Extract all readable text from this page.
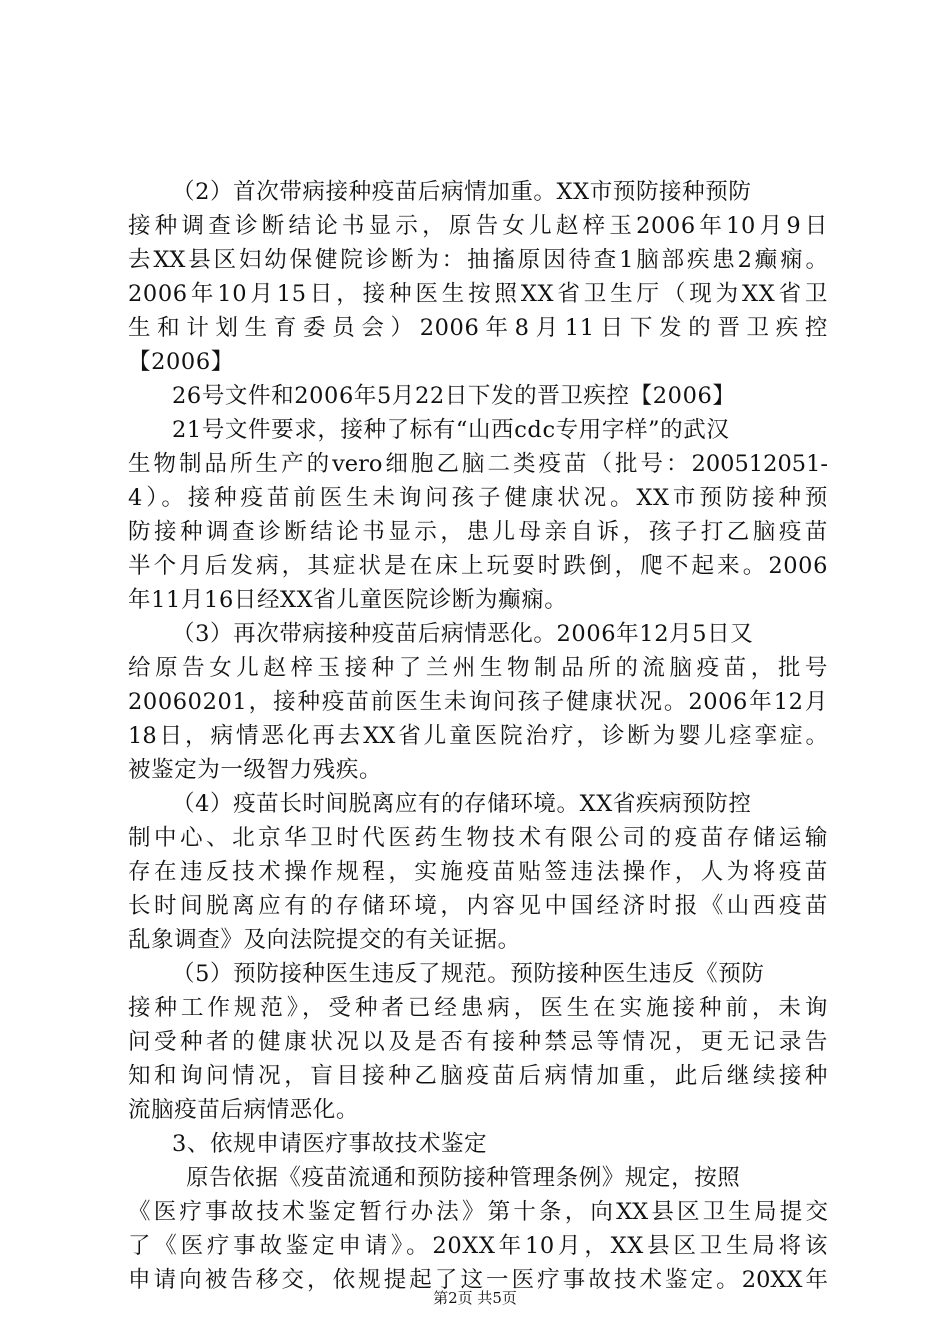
（2）首次带病接种疫苗后病情加重。XX市预防接种预防
接种调查诊断结论书显示，原告女儿赵梓玉2006年10月9日
去XX县区妇幼保健院诊断为：抽搐原因待查1脑部疾患2癫痫。
2006年10月15日，接种医生按照XX省卫生厅（现为XX省卫
生和计划生育委员会）2006年8月11日下发的晋卫疾控
【2006】
26号文件和2006年5月22日下发的晋卫疾控【2006】
21号文件要求，接种了标有“山西cdc专用字样”的武汉
生物制品所生产的vero细胞乙脑二类疫苗（批号：200512051-
4）。接种疫苗前医生未询问孩子健康状况。XX市预防接种预
防接种调查诊断结论书显示，患儿母亲自诉，孩子打乙脑疫苗
半个月后发病，其症状是在床上玩耍时跌倒，爬不起来。2006
年11月16日经XX省儿童医院诊断为癫痫。
（3）再次带病接种疫苗后病情恶化。2006年12月5日又
给原告女儿赵梓玉接种了兰州生物制品所的流脑疫苗，批号
20060201，接种疫苗前医生未询问孩子健康状况。2006年12月
18日，病情恶化再去XX省儿童医院治疗，诊断为婴儿痉挛症。
被鉴定为一级智力残疾。
（4）疫苗长时间脱离应有的存储环境。XX省疾病预防控
制中心、北京华卫时代医药生物技术有限公司的疫苗存储运输
存在违反技术操作规程，实施疫苗贴签违法操作，人为将疫苗
长时间脱离应有的存储环境，内容见中国经济时报《山西疫苗
乱象调查》及向法院提交的有关证据。
（5）预防接种医生违反了规范。预防接种医生违反《预防
接种工作规范》，受种者已经患病，医生在实施接种前，未询
问受种者的健康状况以及是否有接种禁忌等情况，更无记录告
知和询问情况，盲目接种乙脑疫苗后病情加重，此后继续接种
流脑疫苗后病情恶化。
3、依规申请医疗事故技术鉴定
原告依据《疫苗流通和预防接种管理条例》规定，按照
《医疗事故技术鉴定暂行办法》第十条，向XX县区卫生局提交
了《医疗事故鉴定申请》。20XX年10月，XX县区卫生局将该
申请向被告移交，依规提起了这一医疗事故技术鉴定。20XX年
第2页 共5页
